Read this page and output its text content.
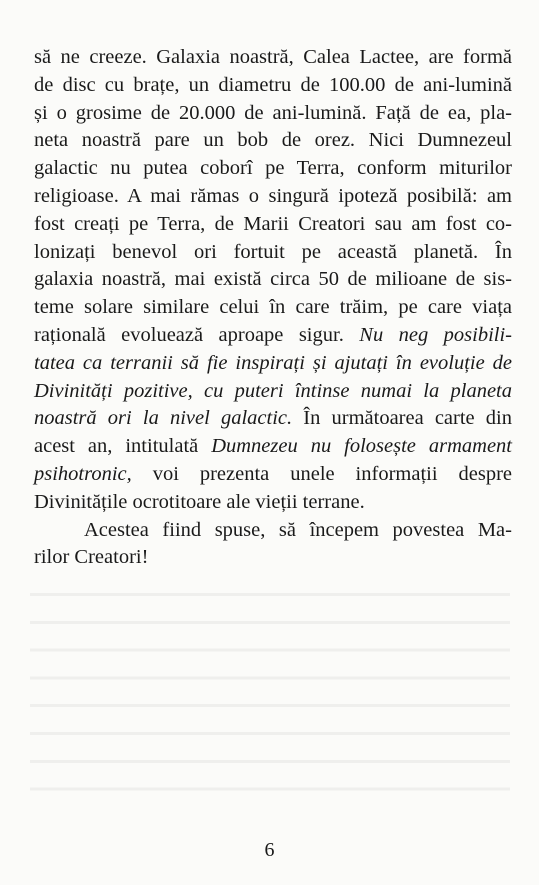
să ne creeze. Galaxia noastră, Calea Lactee, are formă
de disc cu brațe, un diametru de 100.00 de ani-lumină
și o grosime de 20.000 de ani-lumină. Față de ea, pla-
neta noastră pare un bob de orez. Nici Dumnezeul
galactic nu putea coborî pe Terra, conform miturilor
religioase. A mai rămas o singură ipoteză posibilă: am
fost creați pe Terra, de Marii Creatori sau am fost co-
lonizați benevol ori fortuit pe această planetă. În
galaxia noastră, mai există circa 50 de milioane de sis-
teme solare similare celui în care trăim, pe care viața
rațională evoluează aproape sigur. Nu neg posibili-
tatea ca terranii să fie inspirați și ajutați în evoluție de
Divinități pozitive, cu puteri întinse numai la planeta
noastră ori la nivel galactic. În următoarea carte din
acest an, intitulată Dumnezeu nu folosește armament
psihotronic, voi prezenta unele informații despre
Divinitățile ocrotitoare ale vieții terrane.
Acestea fiind spuse, să începem povestea Ma-
rilor Creatori!
6
